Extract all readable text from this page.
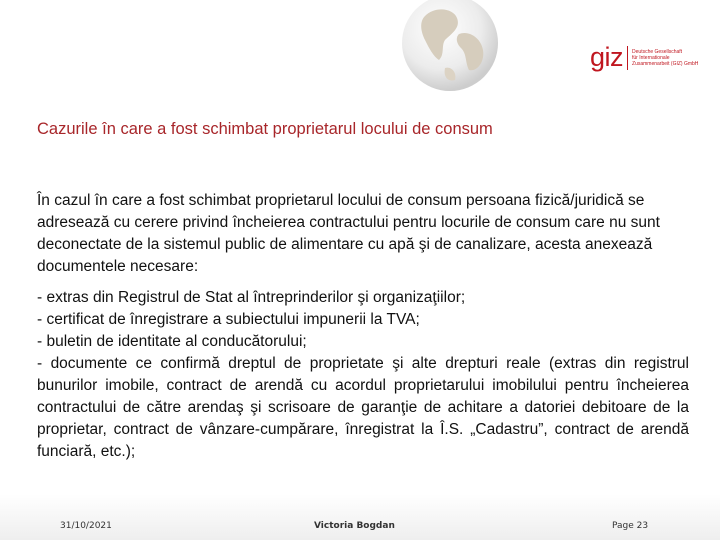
giz Deutsche Gesellschaft
für Internationale
Zusammenarbeit (GIZ) GmbH
Cazurile în care a fost schimbat proprietarul locului de consum
În cazul în care a fost schimbat proprietarul locului de consum persoana fizică/juridică se adresează cu cerere privind încheierea contractului pentru locurile de consum care nu sunt deconectate de la sistemul public de alimentare cu apă şi de canalizare, acesta anexează documentele necesare:

- extras din Registrul de Stat al întreprinderilor şi organizaţiilor;

- certificat de înregistrare a subiectului impunerii la TVA;

- buletin de identitate al conducătorului;

- documente ce confirmă dreptul de proprietate şi alte drepturi reale (extras din registrul bunurilor imobile, contract de arendă cu acordul proprietarului imobilului pentru încheierea contractului de către arendaş şi scrisoare de garanţie de achitare a datoriei debitoare de la proprietar, contract de vânzare-cumpărare, înregistrat la Î.S. „Cadastru”, contract de arendă funciară, etc.);

31/10/2021	Victoria Bogdan	Page 23
